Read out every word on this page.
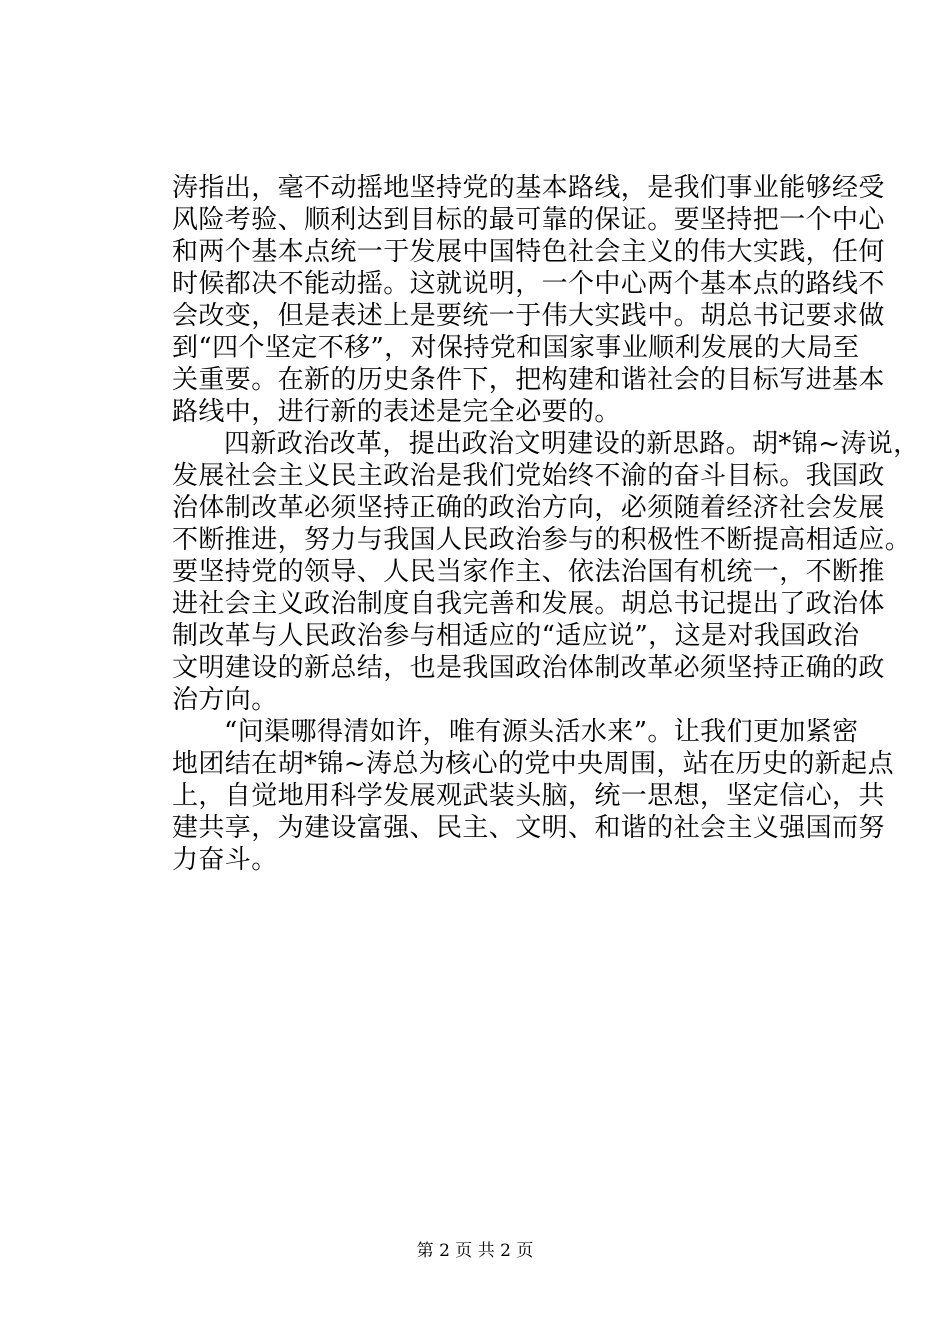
涛指出，毫不动摇地坚持党的基本路线，是我们事业能够经受
风险考验、顺利达到目标的最可靠的保证。要坚持把一个中心
和两个基本点统一于发展中国特色社会主义的伟大实践，任何
时候都决不能动摇。这就说明，一个中心两个基本点的路线不
会改变，但是表述上是要统一于伟大实践中。胡总书记要求做
到“四个坚定不移”，对保持党和国家事业顺利发展的大局至
关重要。在新的历史条件下，把构建和谐社会的目标写进基本
路线中，进行新的表述是完全必要的。
四新政治改革，提出政治文明建设的新思路。胡*锦~涛说，
发展社会主义民主政治是我们党始终不渝的奋斗目标。我国政
治体制改革必须坚持正确的政治方向，必须随着经济社会发展
不断推进，努力与我国人民政治参与的积极性不断提高相适应。
要坚持党的领导、人民当家作主、依法治国有机统一，不断推
进社会主义政治制度自我完善和发展。胡总书记提出了政治体
制改革与人民政治参与相适应的“适应说”，这是对我国政治
文明建设的新总结，也是我国政治体制改革必须坚持正确的政
治方向。
“问渠哪得清如许，唯有源头活水来”。让我们更加紧密
地团结在胡*锦~涛总为核心的党中央周围，站在历史的新起点
上，自觉地用科学发展观武装头脑，统一思想，坚定信心，共
建共享，为建设富强、民主、文明、和谐的社会主义强国而努
力奋斗。
第 2 页 共 2 页
